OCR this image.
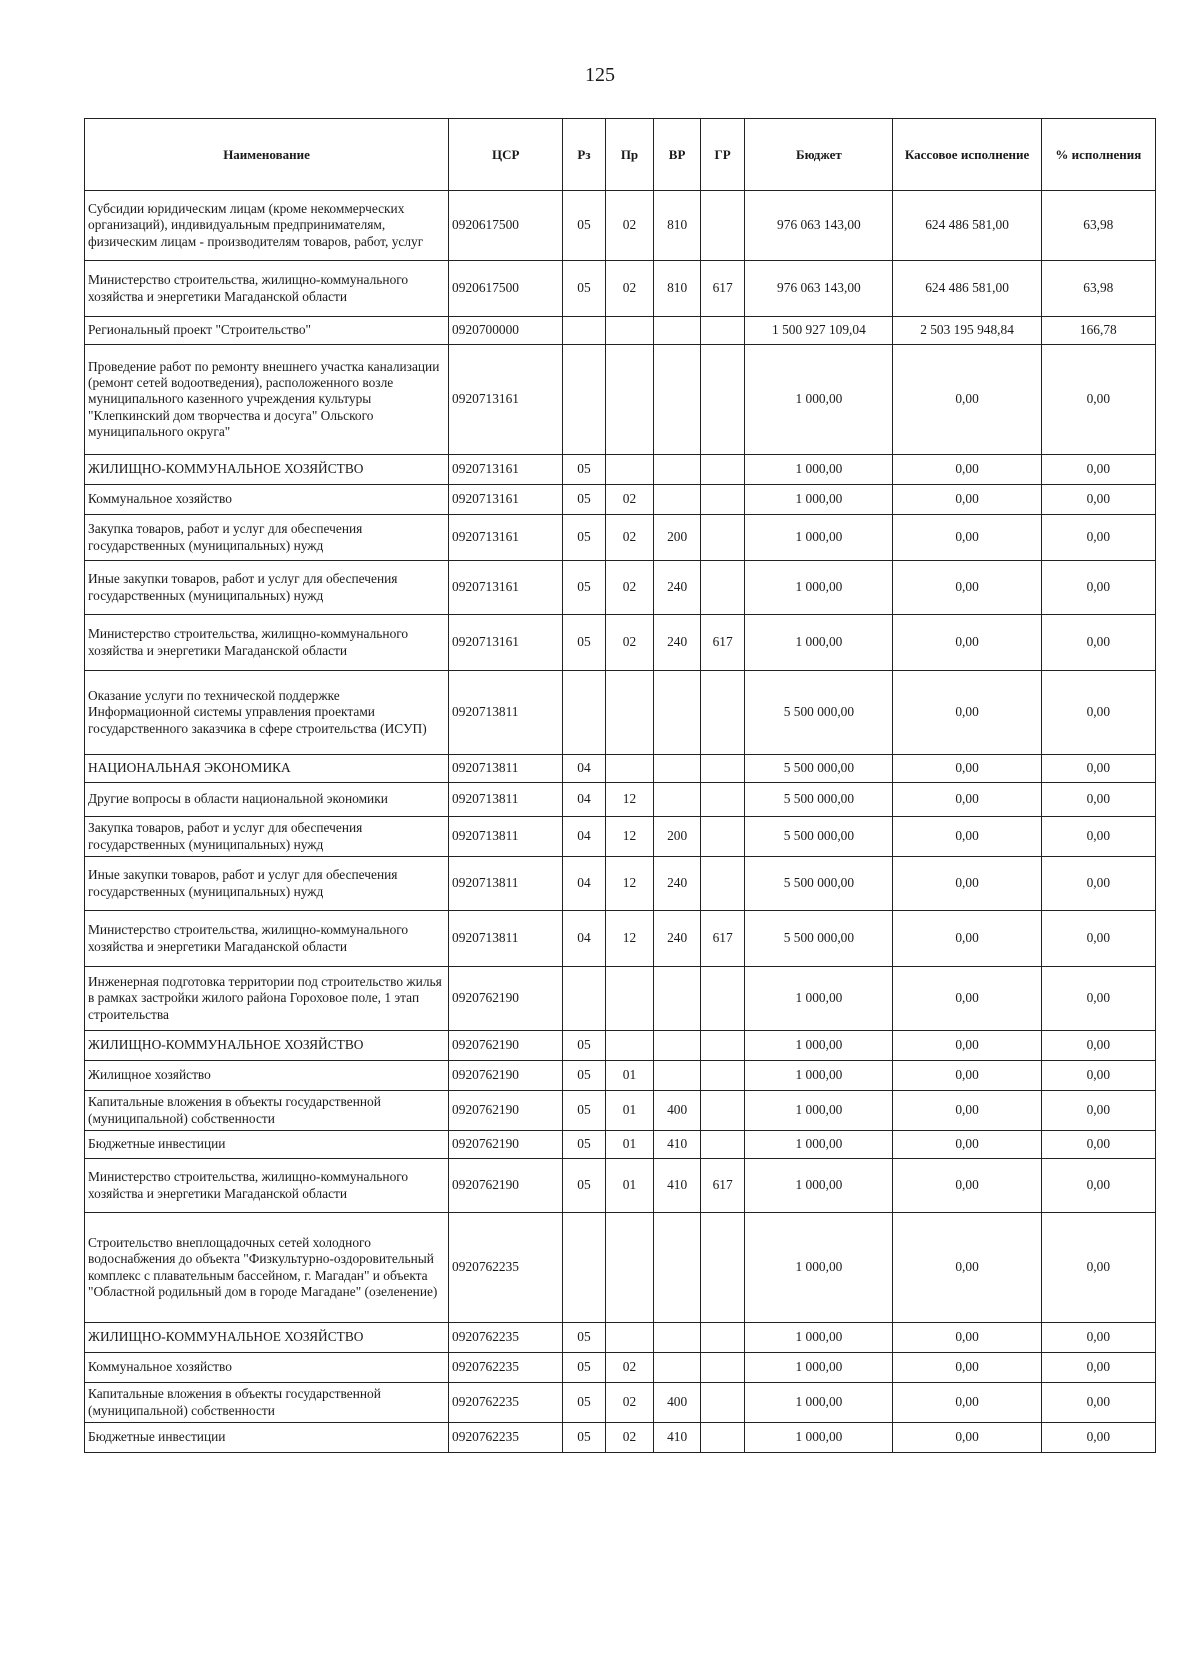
125
Наименование	ЦСР	Рз	Пр	ВР	ГР	Бюджет	Кассовое исполнение	% исполнения
Субсидии юридическим лицам (кроме некоммерческих организаций), индивидуальным предпринимателям, физическим лицам - производителям товаров, работ, услуг	0920617500	05	02	810		976 063 143,00	624 486 581,00	63,98
Министерство строительства, жилищно-коммунального хозяйства и энергетики Магаданской области	0920617500	05	02	810	617	976 063 143,00	624 486 581,00	63,98
Региональный проект "Строительство"	0920700000					1 500 927 109,04	2 503 195 948,84	166,78
Проведение работ по ремонту внешнего участка канализации (ремонт сетей водоотведения), расположенного возле муниципального казенного учреждения культуры "Клепкинский дом творчества и досуга" Ольского муниципального округа"	0920713161					1 000,00	0,00	0,00
ЖИЛИЩНО-КОММУНАЛЬНОЕ ХОЗЯЙСТВО	0920713161	05				1 000,00	0,00	0,00
Коммунальное хозяйство	0920713161	05	02			1 000,00	0,00	0,00
Закупка товаров, работ и услуг для обеспечения государственных (муниципальных) нужд	0920713161	05	02	200		1 000,00	0,00	0,00
Иные закупки товаров, работ и услуг для обеспечения государственных (муниципальных) нужд	0920713161	05	02	240		1 000,00	0,00	0,00
Министерство строительства, жилищно-коммунального хозяйства и энергетики Магаданской области	0920713161	05	02	240	617	1 000,00	0,00	0,00
Оказание услуги по технической поддержке Информационной системы управления проектами государственного заказчика в сфере строительства (ИСУП)	0920713811					5 500 000,00	0,00	0,00
НАЦИОНАЛЬНАЯ ЭКОНОМИКА	0920713811	04				5 500 000,00	0,00	0,00
Другие вопросы в области национальной экономики	0920713811	04	12			5 500 000,00	0,00	0,00
Закупка товаров, работ и услуг для обеспечения государственных (муниципальных) нужд	0920713811	04	12	200		5 500 000,00	0,00	0,00
Иные закупки товаров, работ и услуг для обеспечения государственных (муниципальных) нужд	0920713811	04	12	240		5 500 000,00	0,00	0,00
Министерство строительства, жилищно-коммунального хозяйства и энергетики Магаданской области	0920713811	04	12	240	617	5 500 000,00	0,00	0,00
Инженерная подготовка территории под строительство жилья в рамках застройки жилого района Гороховое поле, 1 этап строительства	0920762190					1 000,00	0,00	0,00
ЖИЛИЩНО-КОММУНАЛЬНОЕ ХОЗЯЙСТВО	0920762190	05				1 000,00	0,00	0,00
Жилищное хозяйство	0920762190	05	01			1 000,00	0,00	0,00
Капитальные вложения в объекты государственной (муниципальной) собственности	0920762190	05	01	400		1 000,00	0,00	0,00
Бюджетные инвестиции	0920762190	05	01	410		1 000,00	0,00	0,00
Министерство строительства, жилищно-коммунального хозяйства и энергетики Магаданской области	0920762190	05	01	410	617	1 000,00	0,00	0,00
Строительство внеплощадочных сетей холодного водоснабжения до объекта "Физкультурно-оздоровительный комплекс с плавательным бассейном, г. Магадан" и объекта "Областной родильный дом в городе Магадане" (озеленение)	0920762235					1 000,00	0,00	0,00
ЖИЛИЩНО-КОММУНАЛЬНОЕ ХОЗЯЙСТВО	0920762235	05				1 000,00	0,00	0,00
Коммунальное хозяйство	0920762235	05	02			1 000,00	0,00	0,00
Капитальные вложения в объекты государственной (муниципальной) собственности	0920762235	05	02	400		1 000,00	0,00	0,00
Бюджетные инвестиции	0920762235	05	02	410		1 000,00	0,00	0,00
